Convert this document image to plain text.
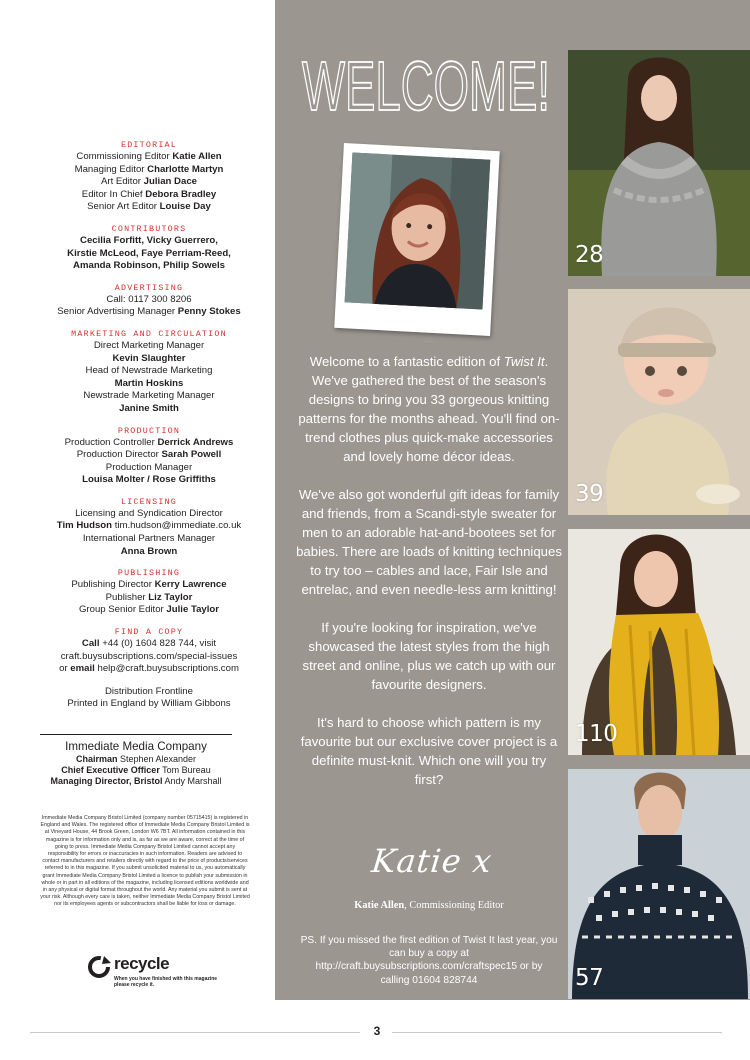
EDITORIAL
Commissioning Editor Katie Allen
Managing Editor Charlotte Martyn
Art Editor Julian Dace
Editor In Chief Debora Bradley
Senior Art Editor Louise Day
CONTRIBUTORS
Cecilia Forfitt, Vicky Guerrero,
Kirstie McLeod, Faye Perriam-Reed,
Amanda Robinson, Philip Sowels
ADVERTISING
Call: 0117 300 8206
Senior Advertising Manager Penny Stokes
MARKETING AND CIRCULATION
Direct Marketing Manager
Kevin Slaughter
Head of Newstrade Marketing
Martin Hoskins
Newstrade Marketing Manager
Janine Smith
PRODUCTION
Production Controller Derrick Andrews
Production Director Sarah Powell
Production Manager
Louisa Molter / Rose Griffiths
LICENSING
Licensing and Syndication Director
Tim Hudson tim.hudson@immediate.co.uk
International Partners Manager
Anna Brown
PUBLISHING
Publishing Director Kerry Lawrence
Publisher Liz Taylor
Group Senior Editor Julie Taylor
FIND A COPY
Call +44 (0) 1604 828 744, visit
craft.buysubscriptions.com/special-issues
or email help@craft.buysubscriptions.com
Distribution Frontline
Printed in England by William Gibbons
Immediate Media Company
Chairman Stephen Alexander
Chief Executive Officer Tom Bureau
Managing Director, Bristol Andy Marshall
Immediate Media Company Bristol Limited (company number 05715415) is registered in England and Wales. The registered office of Immediate Media Company Bristol Limited is at Vineyard House, 44 Brook Green, London W6 7BT. All information contained in this magazine is for information only and is, as far as we are aware, correct at the time of going to press. Immediate Media Company Bristol Limited cannot accept any responsibility for errors or inaccuracies in such information. Readers are advised to contact manufacturers and retailers directly with regard to the price of products/services referred to in this magazine. If you submit unsolicited material to us, you automatically grant Immediate Media Company Bristol Limited a licence to publish your submission in whole or in part in all editions of the magazine, including licensed editions worldwide and in any physical or digital format throughout the world. Any material you submit is sent at your risk. Although every care is taken, neither Immediate Media Company Bristol Limited nor its employees agents or subcontractors shall be liable for loss or damage.
recycle
When you have finished with this magazine please recycle it.
WELCOME!

Welcome to a fantastic edition of Twist It. We've gathered the best of the season's designs to bring you 33 gorgeous knitting patterns for the months ahead. You'll find on-trend clothes plus quick-make accessories and lovely home décor ideas.

We've also got wonderful gift ideas for family and friends, from a Scandi-style sweater for men to an adorable hat-and-bootees set for babies. There are loads of knitting techniques to try too – cables and lace, Fair Isle and entrelac, and even needle-less arm knitting!

If you're looking for inspiration, we've showcased the latest styles from the high street and online, plus we catch up with our favourite designers.

It's hard to choose which pattern is my favourite but our exclusive cover project is a definite must-knit. Which one will you try first?

Katie x
Katie Allen, Commissioning Editor
PS. If you missed the first edition of Twist It last year, you can buy a copy at http://craft.buysubscriptions.com/craftspec15 or by calling 01604 828744
28
39
110
57
3
